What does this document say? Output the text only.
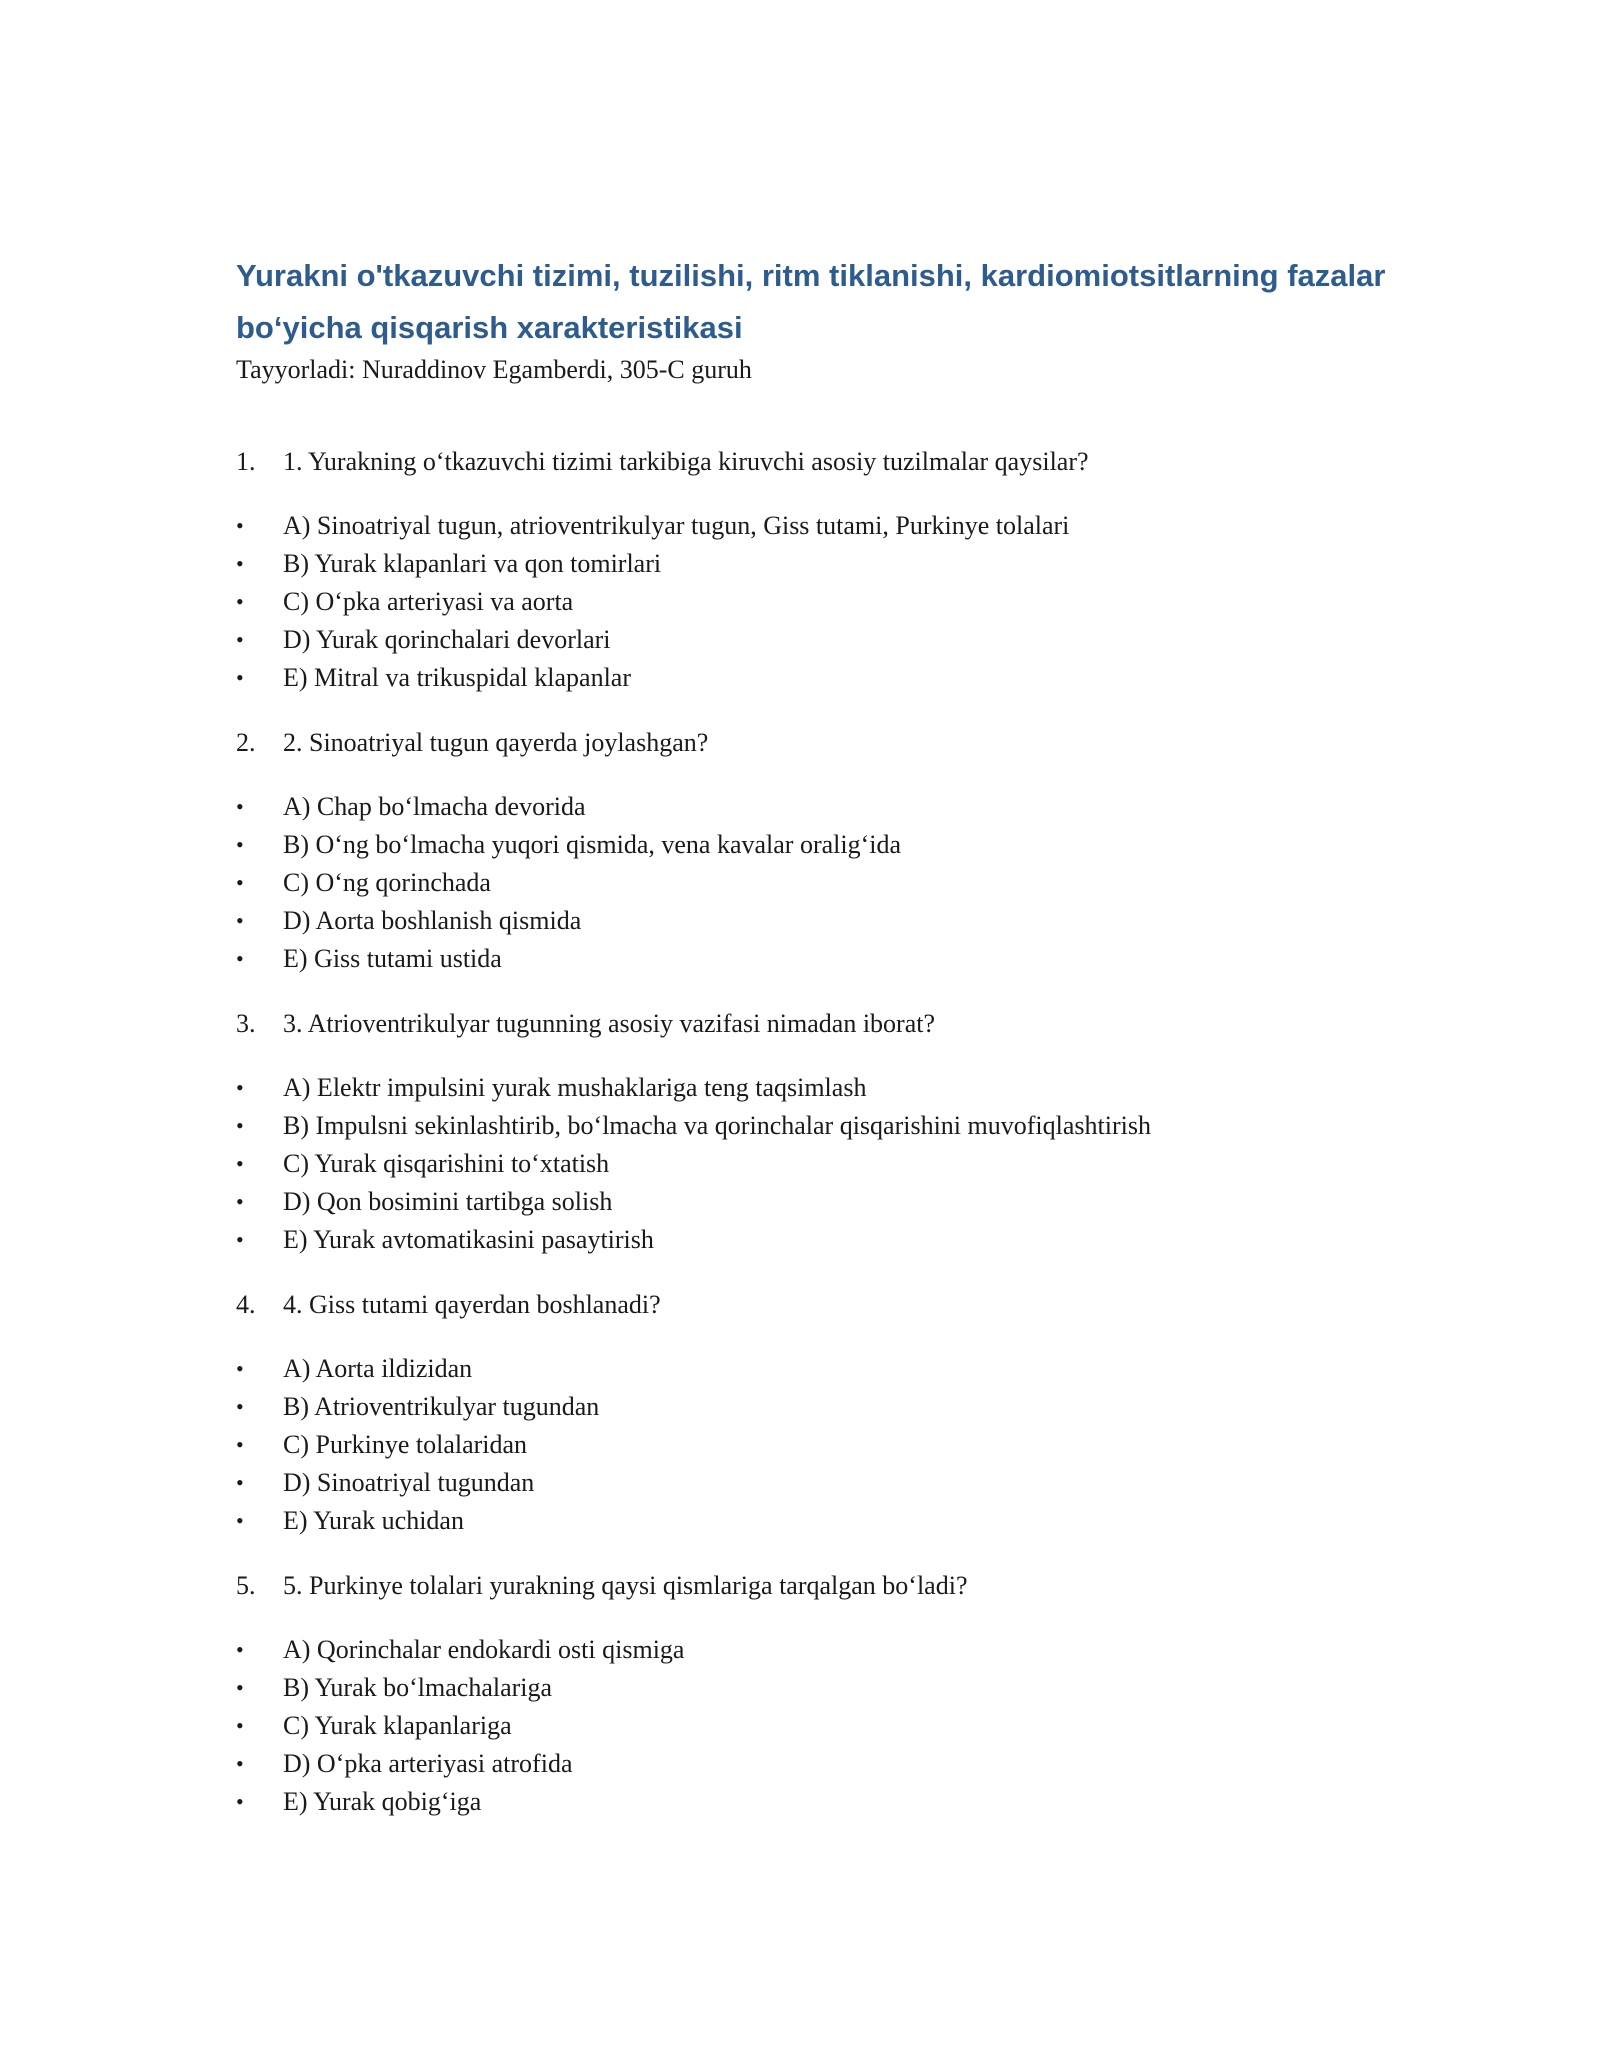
Yurakni o'tkazuvchi tizimi, tuzilishi, ritm tiklanishi, kardiomiotsitlarning fazalar bo‘yicha qisqarish xarakteristikasi

Tayyorladi: Nuraddinov Egamberdi, 305-C guruh

1. 1. Yurakning o‘tkazuvchi tizimi tarkibiga kiruvchi asosiy tuzilmalar qaysilar?
• A) Sinoatriyal tugun, atrioventrikulyar tugun, Giss tutami, Purkinye tolalari
• B) Yurak klapanlari va qon tomirlari
• C) O‘pka arteriyasi va aorta
• D) Yurak qorinchalari devorlari
• E) Mitral va trikuspidal klapanlar
2. 2. Sinoatriyal tugun qayerda joylashgan?
• A) Chap bo‘lmacha devorida
• B) O‘ng bo‘lmacha yuqori qismida, vena kavalar oralig‘ida
• C) O‘ng qorinchada
• D) Aorta boshlanish qismida
• E) Giss tutami ustida
3. 3. Atrioventrikulyar tugunning asosiy vazifasi nimadan iborat?
• A) Elektr impulsini yurak mushaklariga teng taqsimlash
• B) Impulsni sekinlashtirib, bo‘lmacha va qorinchalar qisqarishini muvofiqlashtirish
• C) Yurak qisqarishini to‘xtatish
• D) Qon bosimini tartibga solish
• E) Yurak avtomatikasini pasaytirish
4. 4. Giss tutami qayerdan boshlanadi?
• A) Aorta ildizidan
• B) Atrioventrikulyar tugundan
• C) Purkinye tolalaridan
• D) Sinoatriyal tugundan
• E) Yurak uchidan
5. 5. Purkinye tolalari yurakning qaysi qismlariga tarqalgan bo‘ladi?
• A) Qorinchalar endokardi osti qismiga
• B) Yurak bo‘lmachalariga
• C) Yurak klapanlariga
• D) O‘pka arteriyasi atrofida
• E) Yurak qobig‘iga
